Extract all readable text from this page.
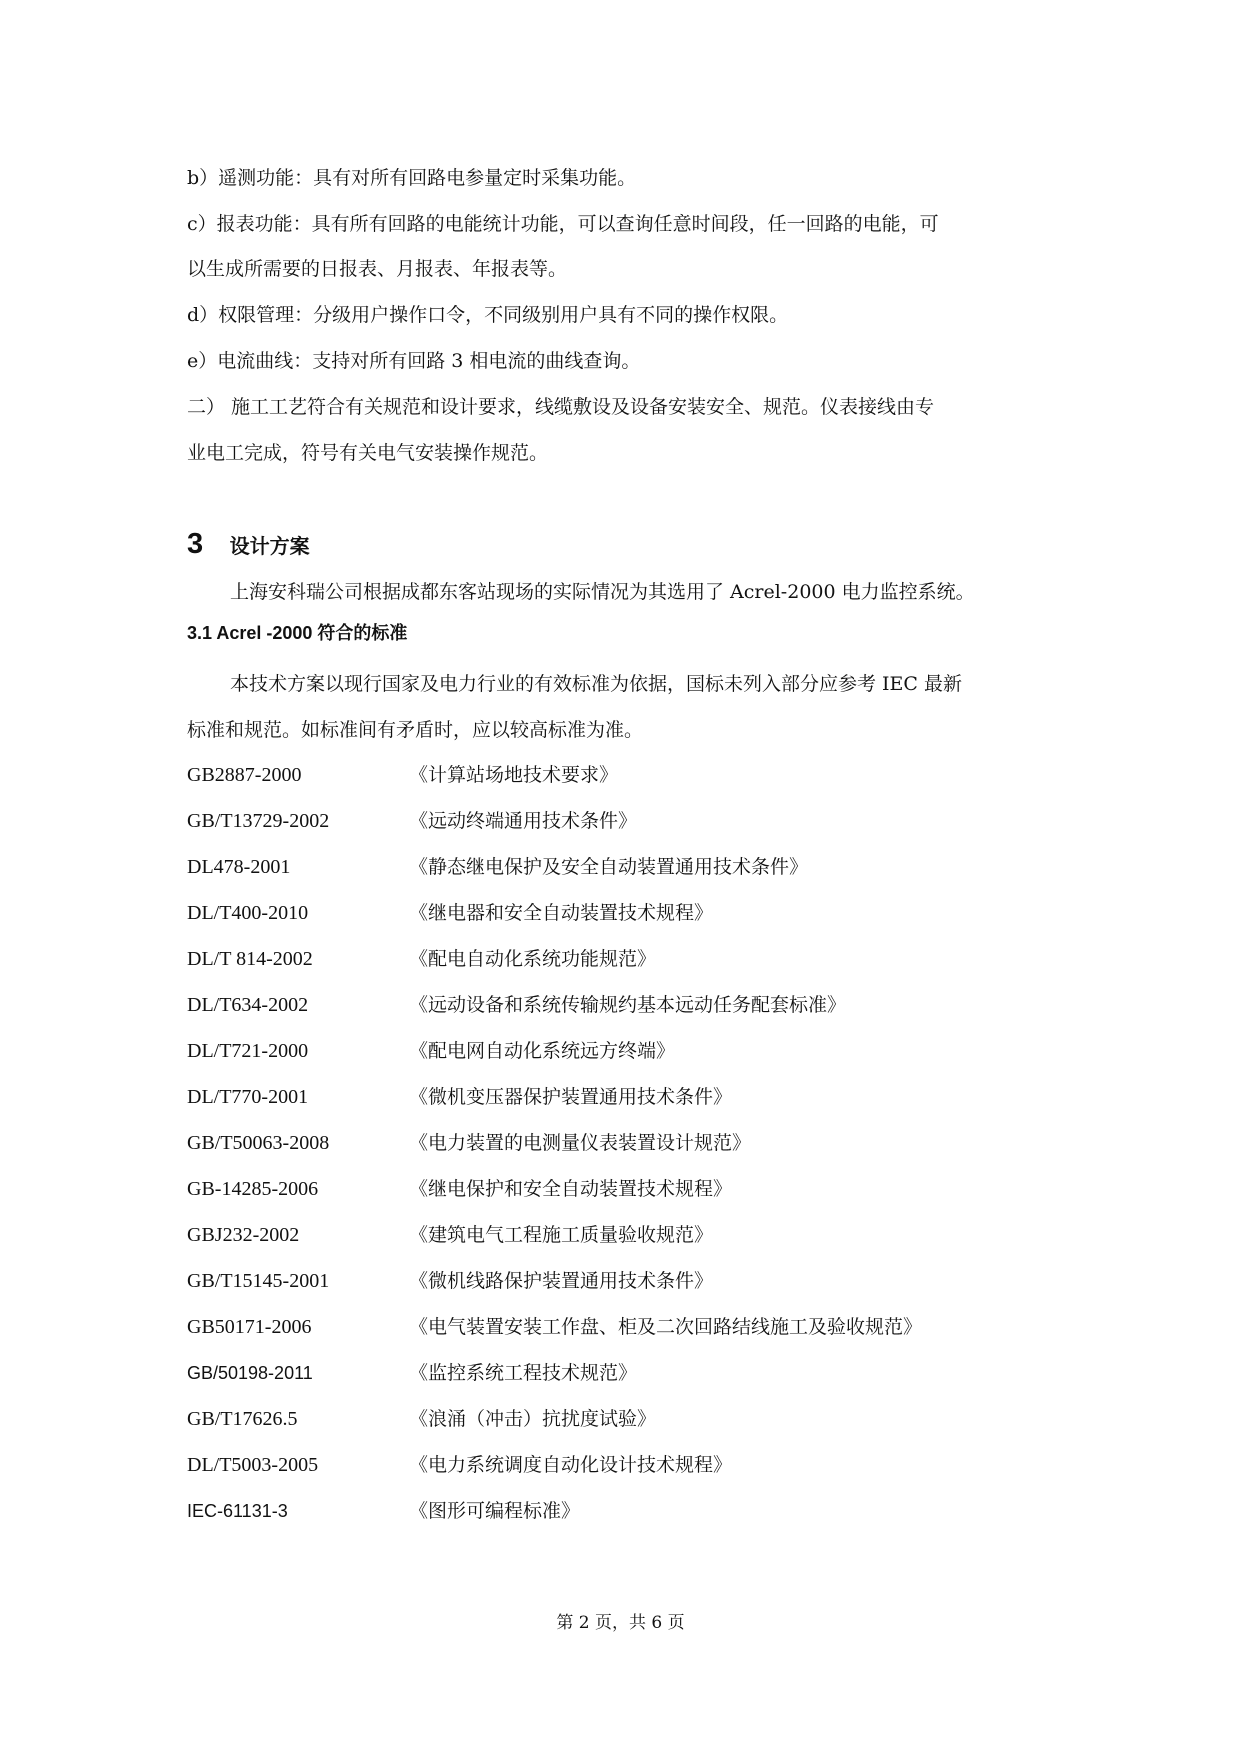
b）遥测功能：具有对所有回路电参量定时采集功能。
c）报表功能：具有所有回路的电能统计功能，可以查询任意时间段，任一回路的电能，可
以生成所需要的日报表、月报表、年报表等。
d）权限管理：分级用户操作口令，不同级别用户具有不同的操作权限。
e）电流曲线：支持对所有回路 3 相电流的曲线查询。
二） 施工工艺符合有关规范和设计要求，线缆敷设及设备安装安全、规范。仪表接线由专
业电工完成，符号有关电气安装操作规范。
3 设计方案
上海安科瑞公司根据成都东客站现场的实际情况为其选用了 Acrel-2000 电力监控系统。
3.1 Acrel -2000 符合的标准
本技术方案以现行国家及电力行业的有效标准为依据，国标未列入部分应参考 IEC 最新
标准和规范。如标准间有矛盾时，应以较高标准为准。
GB2887-2000	《计算站场地技术要求》
GB/T13729-2002	《远动终端通用技术条件》
DL478-2001	《静态继电保护及安全自动装置通用技术条件》
DL/T400-2010	《继电器和安全自动装置技术规程》
DL/T 814-2002	《配电自动化系统功能规范》
DL/T634-2002	《远动设备和系统传输规约基本远动任务配套标准》
DL/T721-2000	《配电网自动化系统远方终端》
DL/T770-2001	《微机变压器保护装置通用技术条件》
GB/T50063-2008	《电力装置的电测量仪表装置设计规范》
GB-14285-2006	《继电保护和安全自动装置技术规程》
GBJ232-2002	《建筑电气工程施工质量验收规范》
GB/T15145-2001	《微机线路保护装置通用技术条件》
GB50171-2006	《电气装置安装工作盘、柜及二次回路结线施工及验收规范》
GB/50198-2011	《监控系统工程技术规范》
GB/T17626.5	《浪涌（冲击）抗扰度试验》
DL/T5003-2005	《电力系统调度自动化设计技术规程》
IEC-61131-3	《图形可编程标准》
第 2 页，共 6 页
